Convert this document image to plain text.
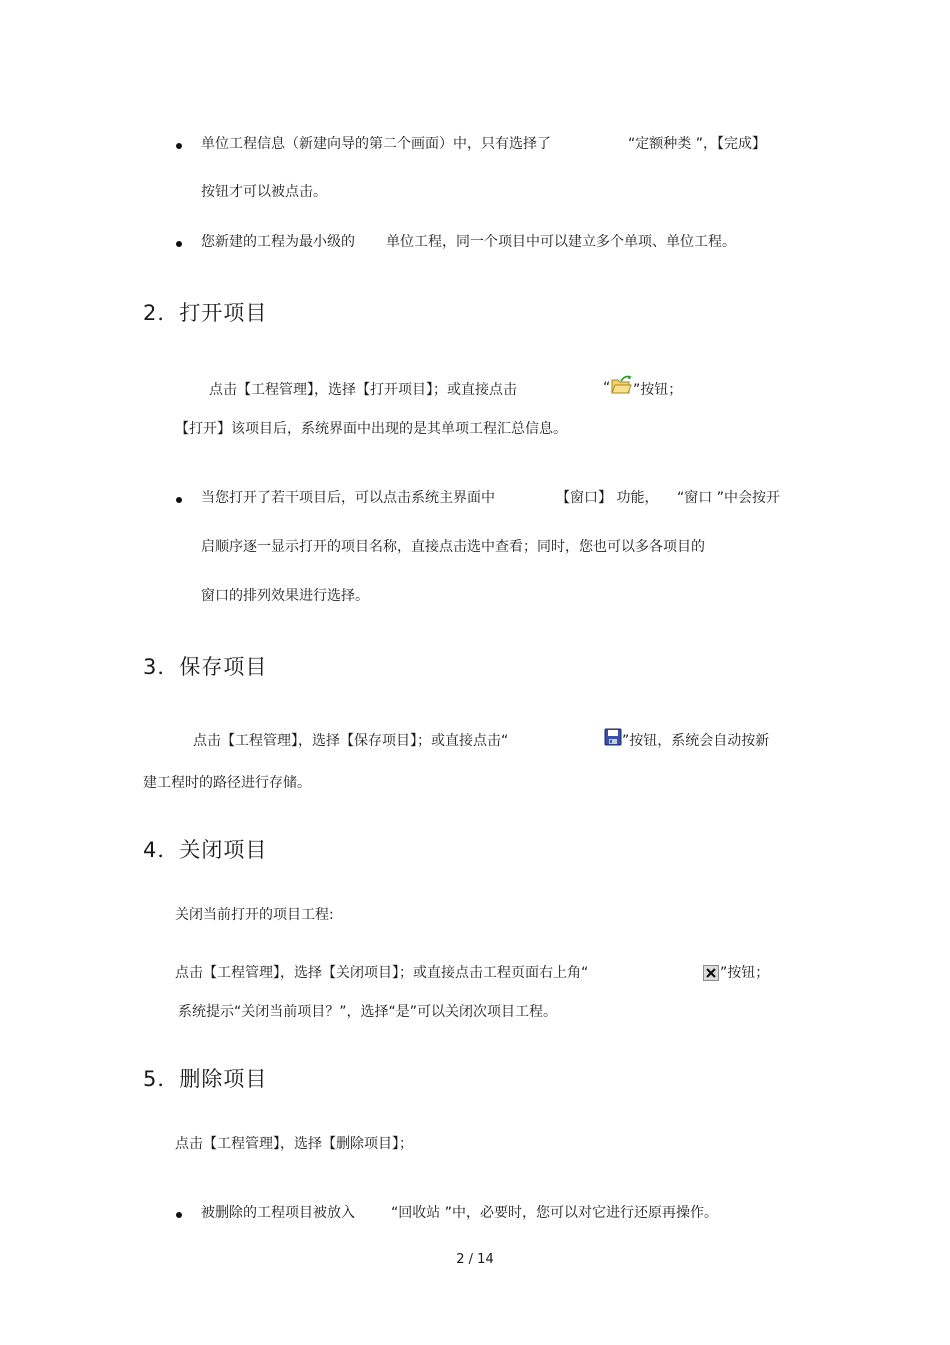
单位工程信息（新建向导的第二个画面）中，只有选择了	“定额种类 ”，【完成】
按钮才可以被点击。
您新建的工程为最小级的 单位工程，同一个项目中可以建立多个单项、单位工程。
2．打开项目
点击【工程管理】，选择【打开项目】；或直接点击	“ ”按钮；
【打开】该项目后，系统界面中出现的是其单项工程汇总信息。
当您打开了若干项目后，可以点击系统主界面中	【窗口】 功能， “窗口 ”中会按开
启顺序逐一显示打开的项目名称，直接点击选中查看；同时，您也可以多各项目的
窗口的排列效果进行选择。
3．保存项目
点击【工程管理】，选择【保存项目】；或直接点击“	”按钮，系统会自动按新
建工程时的路径进行存储。
4．关闭项目
关闭当前打开的项目工程:
点击【工程管理】，选择【关闭项目】；或直接点击工程页面右上角“	”按钮；
系统提示“关闭当前项目？”，选择“是”可以关闭次项目工程。
5．删除项目
点击【工程管理】，选择【删除项目】；
被删除的工程项目被放入	“回收站 ”中，必要时，您可以对它进行还原再操作。
2 / 14
